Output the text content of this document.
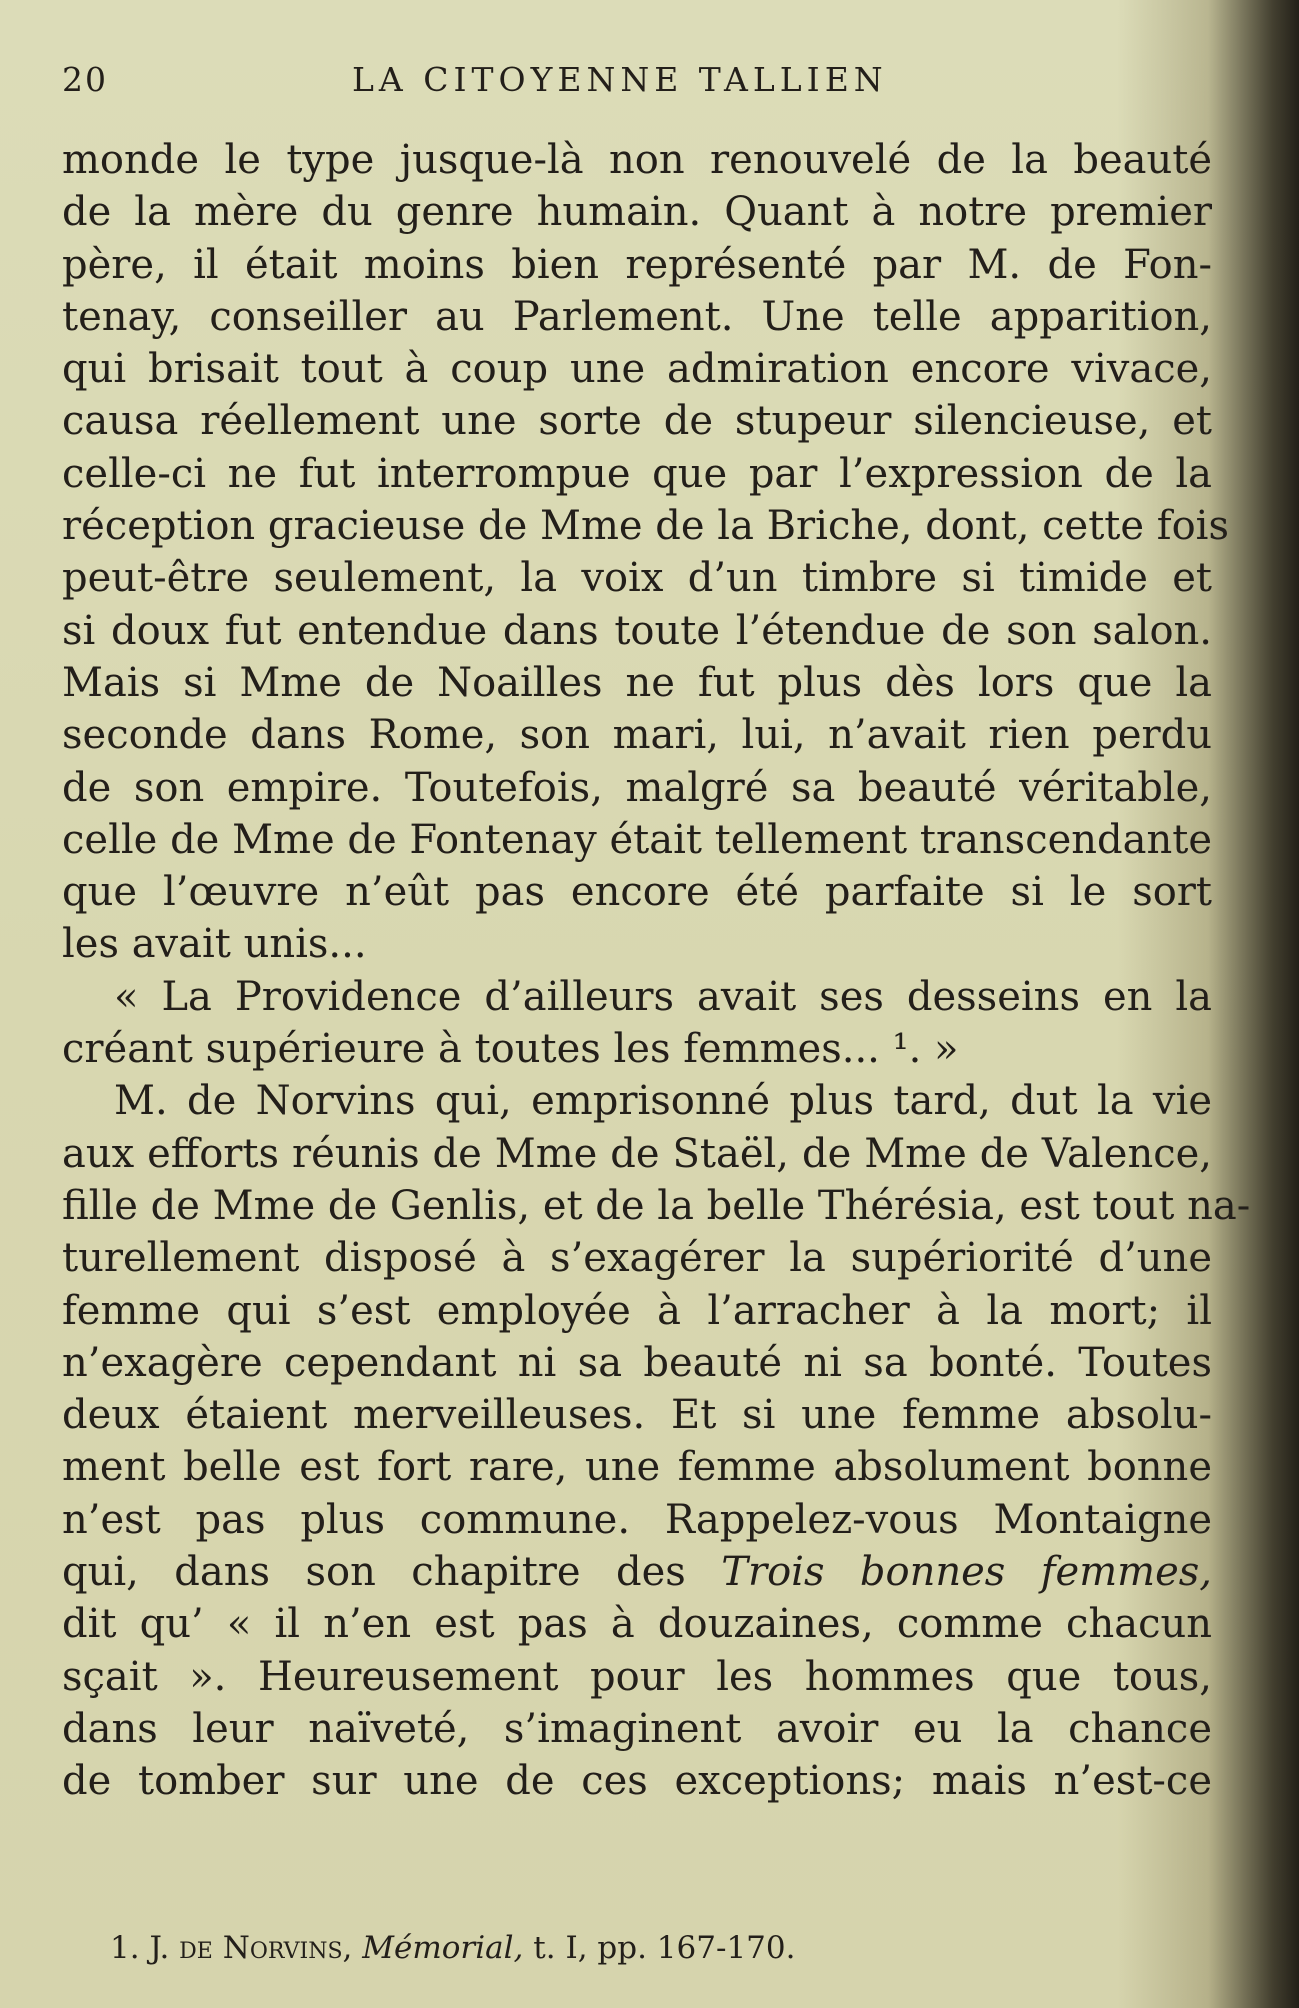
20	LA CITOYENNE TALLIEN
monde le type jusque-là non renouvelé de la beauté
de la mère du genre humain. Quant à notre premier
père, il était moins bien représenté par M. de Fon-
tenay, conseiller au Parlement. Une telle apparition,
qui brisait tout à coup une admiration encore vivace,
causa réellement une sorte de stupeur silencieuse, et
celle-ci ne fut interrompue que par l’expression de la
réception gracieuse de Mme de la Briche, dont, cette fois
peut-être seulement, la voix d’un timbre si timide et
si doux fut entendue dans toute l’étendue de son salon.
Mais si Mme de Noailles ne fut plus dès lors que la
seconde dans Rome, son mari, lui, n’avait rien perdu
de son empire. Toutefois, malgré sa beauté véritable,
celle de Mme de Fontenay était tellement transcendante
que l’œuvre n’eût pas encore été parfaite si le sort
les avait unis...
« La Providence d’ailleurs avait ses desseins en la
créant supérieure à toutes les femmes... ¹. »
M. de Norvins qui, emprisonné plus tard, dut la vie
aux efforts réunis de Mme de Staël, de Mme de Valence,
fille de Mme de Genlis, et de la belle Thérésia, est tout na-
turellement disposé à s’exagérer la supériorité d’une
femme qui s’est employée à l’arracher à la mort; il
n’exagère cependant ni sa beauté ni sa bonté. Toutes
deux étaient merveilleuses. Et si une femme absolu-
ment belle est fort rare, une femme absolument bonne
n’est pas plus commune. Rappelez-vous Montaigne
qui, dans son chapitre des Trois bonnes femmes,
dit qu’ « il n’en est pas à douzaines, comme chacun
sçait ». Heureusement pour les hommes que tous,
dans leur naïveté, s’imaginent avoir eu la chance
de tomber sur une de ces exceptions; mais n’est-ce
1. J. de Norvins, Mémorial, t. I, pp. 167-170.
